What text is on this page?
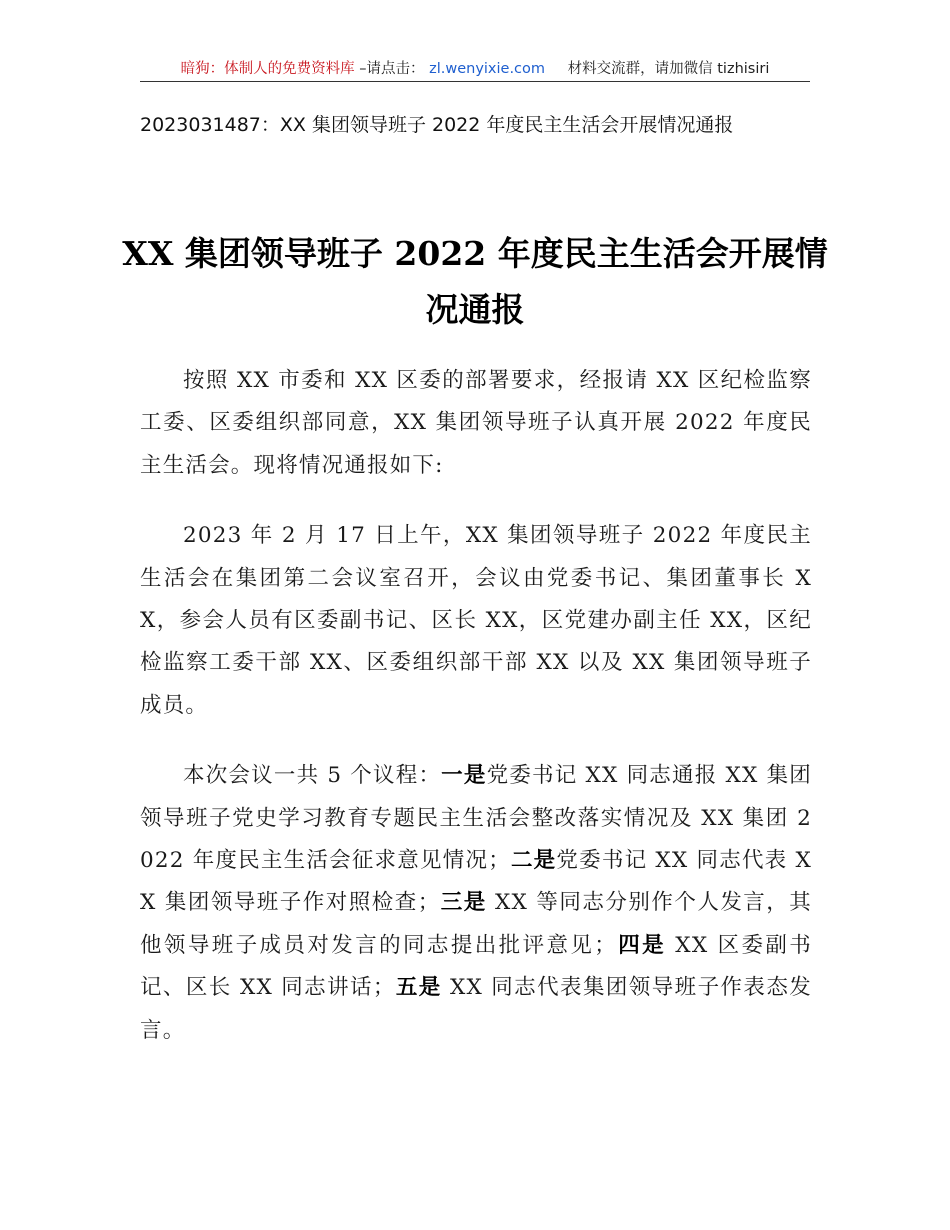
暗狗：体制人的免费资料库 –请点击： zl.wenyixie.com 材料交流群，请加微信 tizhisiri
2023031487：XX 集团领导班子 2022 年度民主生活会开展情况通报
XX 集团领导班子 2022 年度民主生活会开展情况通报

按照 XX 市委和 XX 区委的部署要求，经报请 XX 区纪检监察工委、区委组织部同意，XX 集团领导班子认真开展 2022 年度民主生活会。现将情况通报如下:

2023 年 2 月 17 日上午，XX 集团领导班子 2022 年度民主生活会在集团第二会议室召开，会议由党委书记、集团董事长 XX，参会人员有区委副书记、区长 XX，区党建办副主任 XX，区纪检监察工委干部 XX、区委组织部干部 XX 以及 XX 集团领导班子成员。

本次会议一共 5 个议程：一是党委书记 XX 同志通报 XX 集团领导班子党史学习教育专题民主生活会整改落实情况及 XX 集团 2022 年度民主生活会征求意见情况；二是党委书记 XX 同志代表 XX 集团领导班子作对照检查；三是 XX 等同志分别作个人发言，其他领导班子成员对发言的同志提出批评意见；四是 XX 区委副书记、区长 XX 同志讲话；五是 XX 同志代表集团领导班子作表态发言。
